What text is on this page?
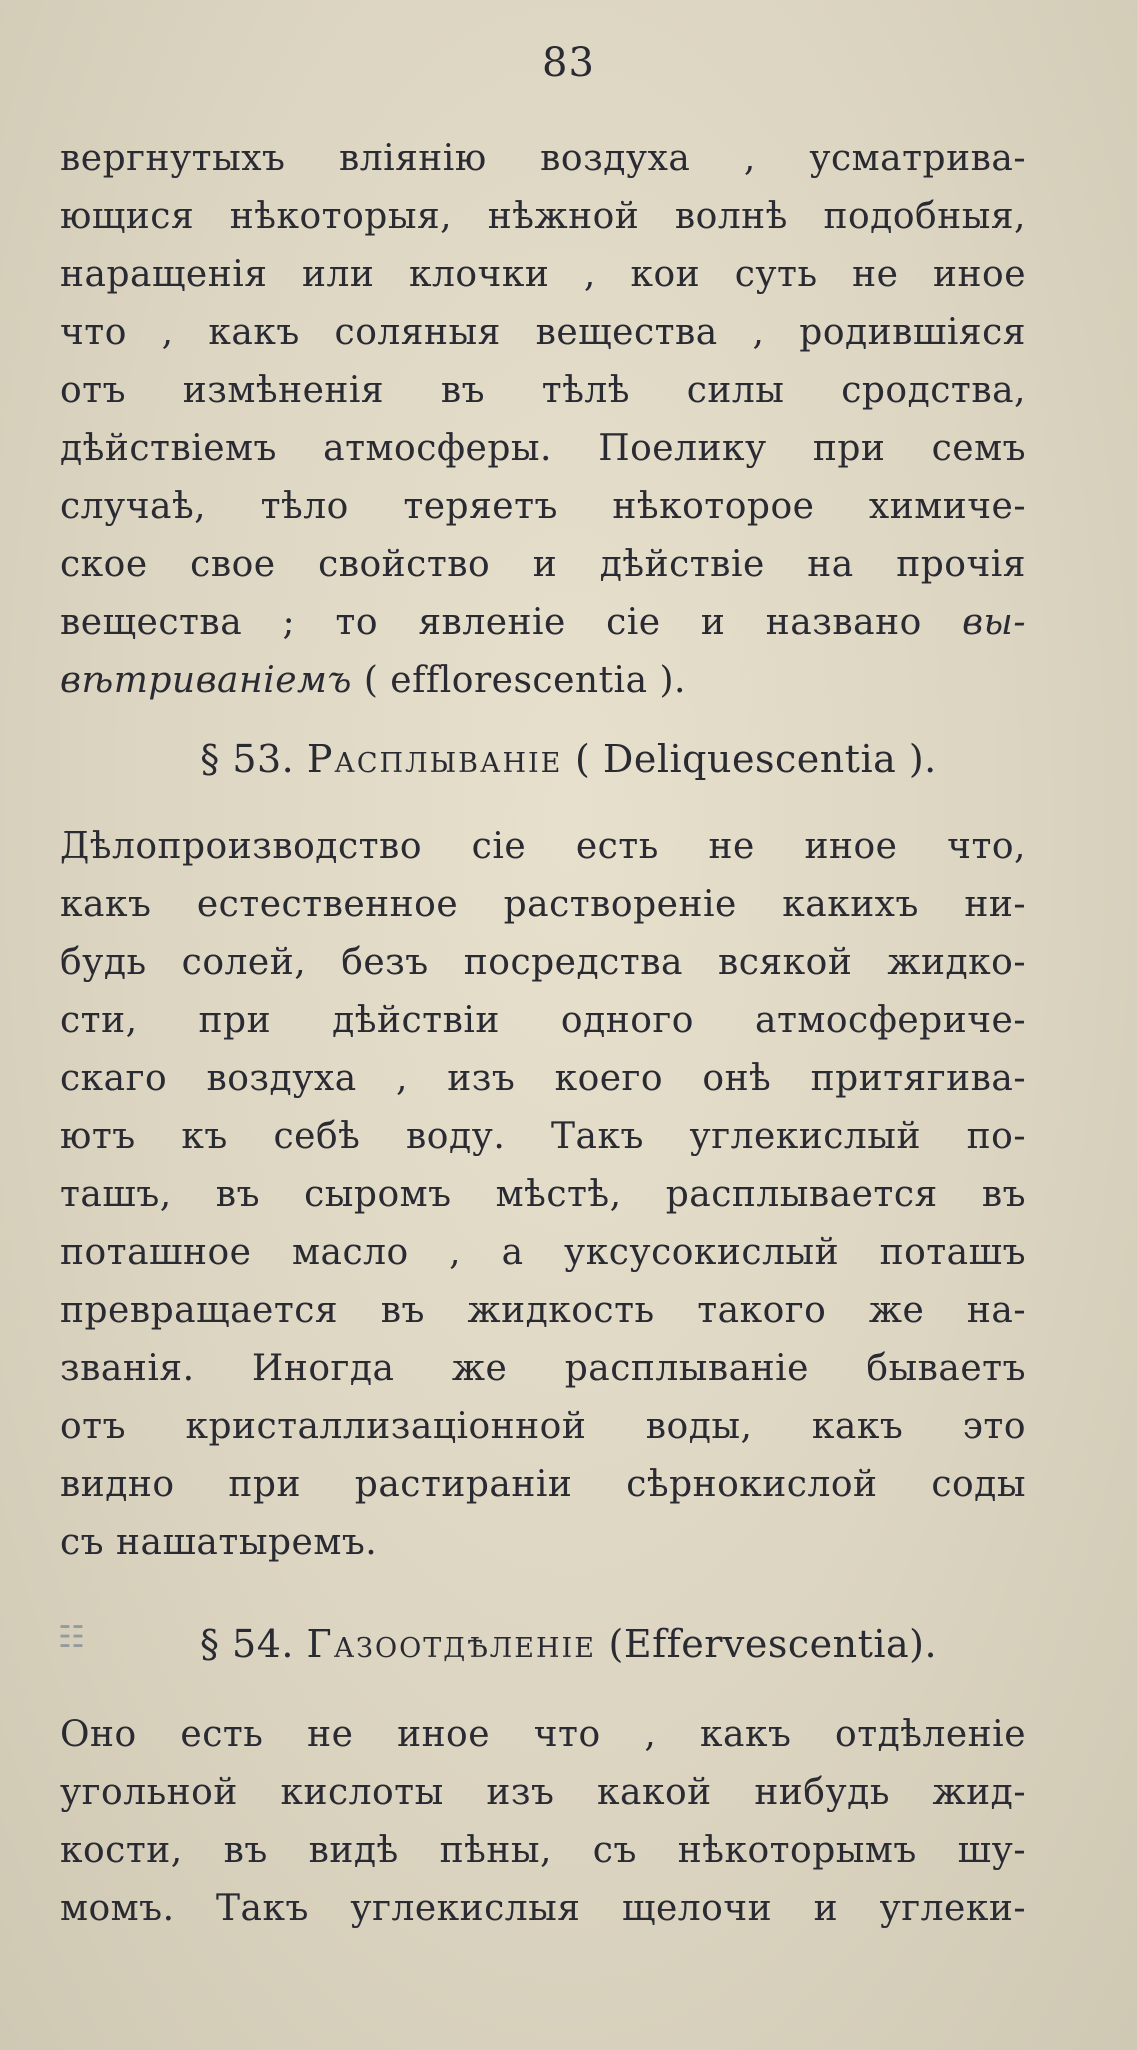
83
вергнутыхъ влiянiю воздуха , усматрива-
ющися нѣкоторыя, нѣжной волнѣ подобныя,
наращенiя или клочки , кои суть не иное
что , какъ соляныя вещества , родившiяся
отъ измѣненiя въ тѣлѣ силы сродства,
дѣйствiемъ атмосферы. Поелику при семъ
случаѣ, тѣло теряетъ нѣкоторое химиче-
ское свое свойство и дѣйствiе на прочiя
вещества ; то явленiе сiе и названо вы-
вѣтриванiемъ ( efflorescentia ).
§ 53. Расплыванiе ( Deliquescentia ).
Дѣлопроизводство сiе есть не иное что,
какъ естественное растворенiе какихъ ни-
будь солей, безъ посредства всякой жидко-
сти, при дѣйствiи одного атмосфериче-
скаго воздуха , изъ коего онѣ притягива-
ютъ къ себѣ воду. Такъ углекислый по-
ташъ, въ сыромъ мѣстѣ, расплывается въ
поташное масло , а уксусокислый поташъ
превращается въ жидкость такого же на-
званiя. Иногда же расплыванiе бываетъ
отъ кристаллизацiонной воды, какъ это
видно при растиранiи сѣрнокислой соды
съ нашатыремъ.
☷	§ 54. Газоотдѣленiе (Effervescentia).
Оно есть не иное что , какъ отдѣленiе
угольной кислоты изъ какой нибудь жид-
кости, въ видѣ пѣны, съ нѣкоторымъ шу-
момъ. Такъ углекислыя щелочи и углеки-
